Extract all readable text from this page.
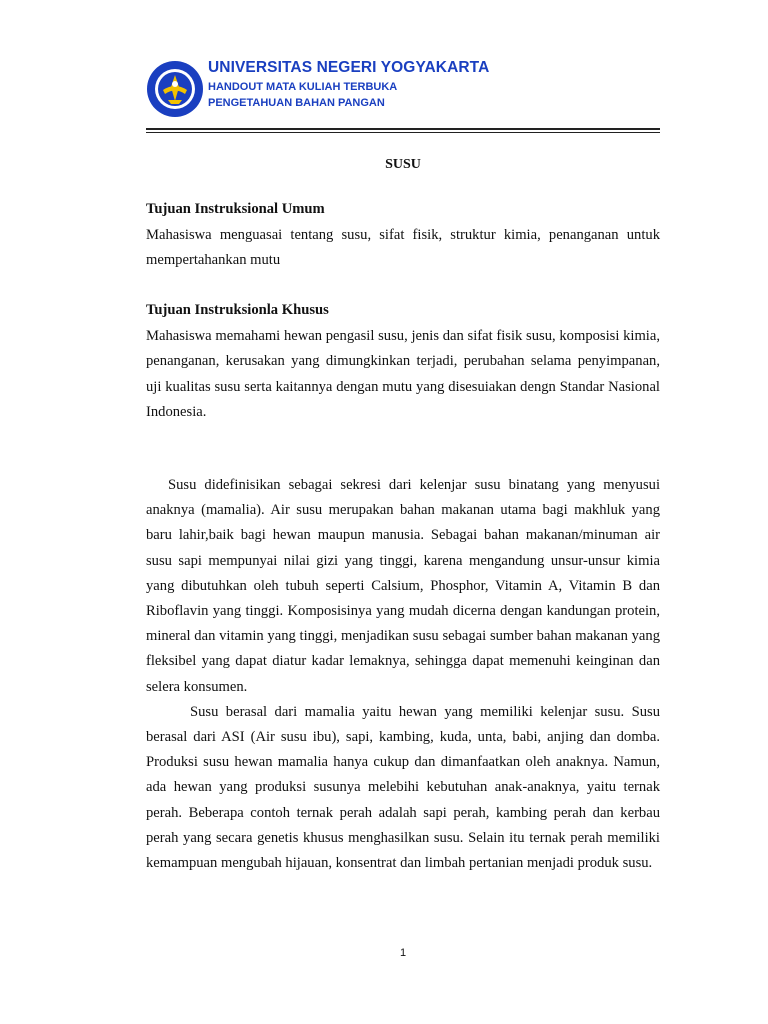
UNIVERSITAS NEGERI YOGYAKARTA
HANDOUT MATA KULIAH TERBUKA
PENGETAHUAN BAHAN PANGAN
SUSU

Tujuan Instruksional Umum

Mahasiswa menguasai tentang susu, sifat fisik, struktur kimia, penanganan untuk mempertahankan mutu

Tujuan Instruksionla Khusus

Mahasiswa memahami hewan pengasil susu, jenis dan sifat fisik susu, komposisi kimia, penanganan, kerusakan yang dimungkinkan terjadi, perubahan selama penyimpanan, uji kualitas susu serta kaitannya dengan mutu yang disesuiakan dengn Standar Nasional Indonesia.

Susu didefinisikan sebagai sekresi dari kelenjar susu binatang yang menyusui anaknya (mamalia). Air susu merupakan bahan makanan utama bagi makhluk yang baru lahir,baik bagi hewan maupun manusia. Sebagai bahan makanan/minuman air susu sapi mempunyai nilai gizi yang tinggi, karena mengandung unsur-unsur kimia yang dibutuhkan oleh tubuh seperti Calsium, Phosphor, Vitamin A, Vitamin B dan Riboflavin yang tinggi. Komposisinya yang mudah dicerna dengan kandungan protein, mineral dan vitamin yang tinggi, menjadikan susu sebagai sumber bahan makanan yang fleksibel yang dapat diatur kadar lemaknya, sehingga dapat memenuhi keinginan dan selera konsumen.

Susu berasal dari mamalia yaitu hewan yang memiliki kelenjar susu. Susu berasal dari ASI (Air susu ibu), sapi, kambing, kuda, unta, babi, anjing dan domba. Produksi susu hewan mamalia hanya cukup dan dimanfaatkan oleh anaknya. Namun, ada hewan yang produksi susunya melebihi kebutuhan anak-anaknya, yaitu ternak perah. Beberapa contoh ternak perah adalah sapi perah, kambing perah dan kerbau perah yang secara genetis khusus menghasilkan susu. Selain itu ternak perah memiliki kemampuan mengubah hijauan, konsentrat dan limbah pertanian menjadi produk susu.

1
